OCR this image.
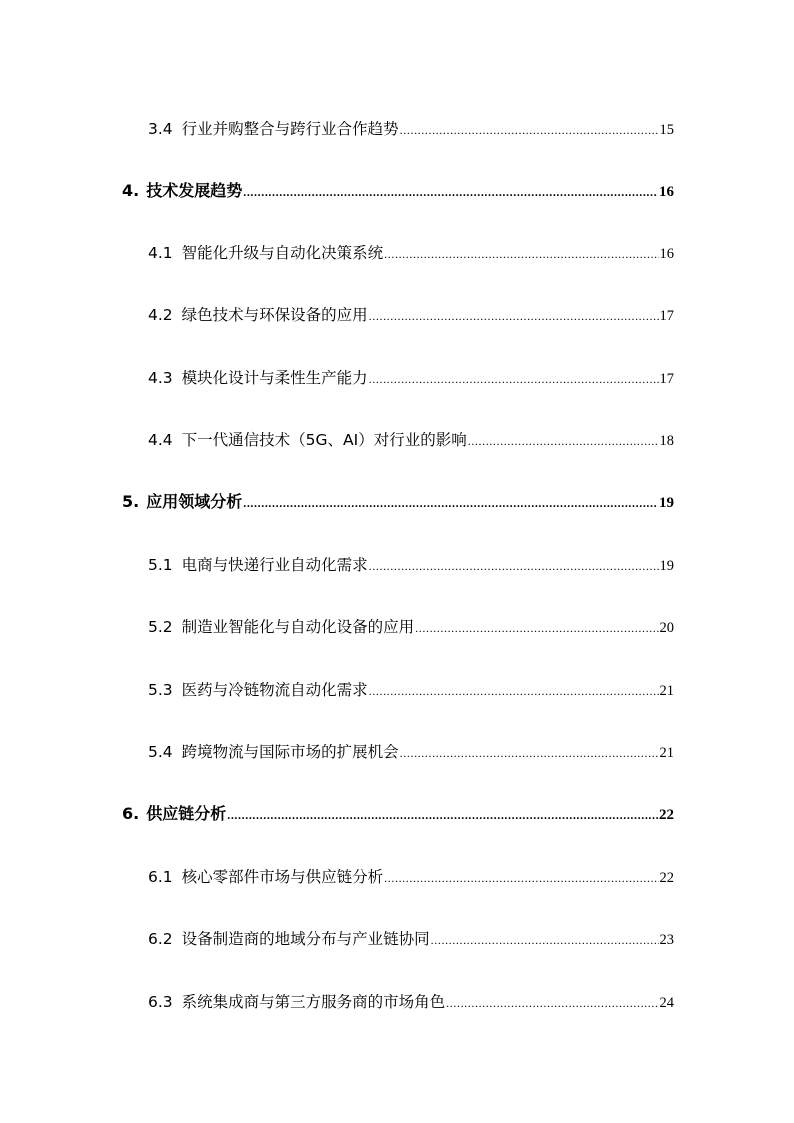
3.4 行业并购整合与跨行业合作趋势 .....	15
4. 技术发展趋势 .....	16
4.1 智能化升级与自动化决策系统 .....	16
4.2 绿色技术与环保设备的应用 .....	17
4.3 模块化设计与柔性生产能力 .....	17
4.4 下一代通信技术（5G、AI）对行业的影响 .....	18
5. 应用领域分析 .....	19
5.1 电商与快递行业自动化需求 .....	19
5.2 制造业智能化与自动化设备的应用 .....	20
5.3 医药与冷链物流自动化需求 .....	21
5.4 跨境物流与国际市场的扩展机会 .....	21
6. 供应链分析 .....	22
6.1 核心零部件市场与供应链分析 .....	22
6.2 设备制造商的地域分布与产业链协同 .....	23
6.3 系统集成商与第三方服务商的市场角色 .....	24
